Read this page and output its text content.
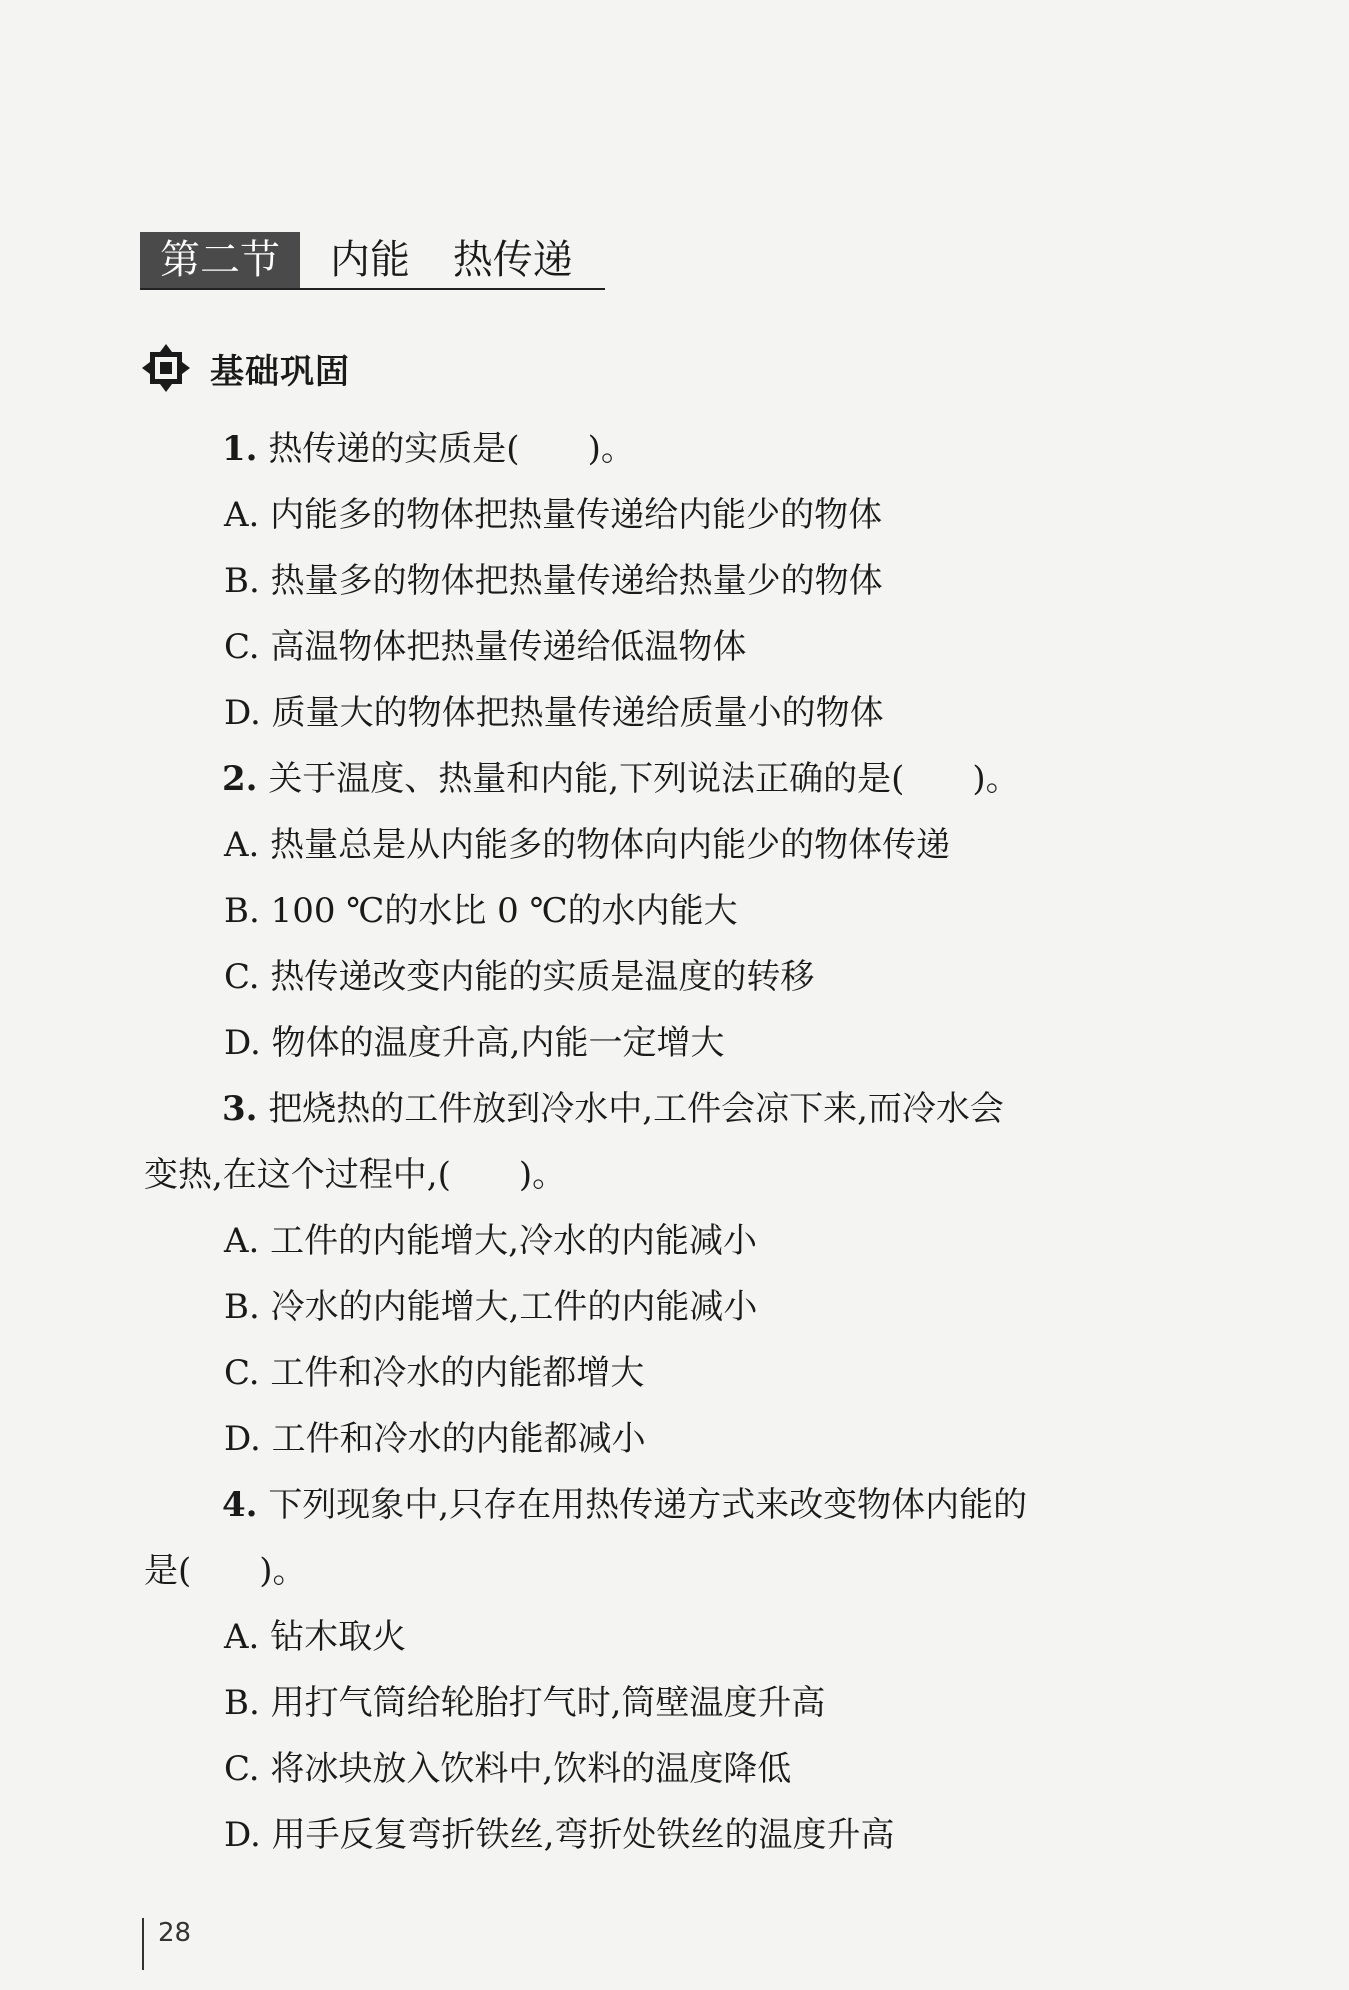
第二节	内能 热传递
基础巩固
1. 热传递的实质是(　　)。
A. 内能多的物体把热量传递给内能少的物体
B. 热量多的物体把热量传递给热量少的物体
C. 高温物体把热量传递给低温物体
D. 质量大的物体把热量传递给质量小的物体
2. 关于温度、热量和内能,下列说法正确的是(　　)。
A. 热量总是从内能多的物体向内能少的物体传递
B. 100 ℃的水比 0 ℃的水内能大
C. 热传递改变内能的实质是温度的转移
D. 物体的温度升高,内能一定增大
3. 把烧热的工件放到冷水中,工件会凉下来,而冷水会
变热,在这个过程中,(　　)。
A. 工件的内能增大,冷水的内能减小
B. 冷水的内能增大,工件的内能减小
C. 工件和冷水的内能都增大
D. 工件和冷水的内能都减小
4. 下列现象中,只存在用热传递方式来改变物体内能的
是(　　)。
A. 钻木取火
B. 用打气筒给轮胎打气时,筒壁温度升高
C. 将冰块放入饮料中,饮料的温度降低
D. 用手反复弯折铁丝,弯折处铁丝的温度升高
28
